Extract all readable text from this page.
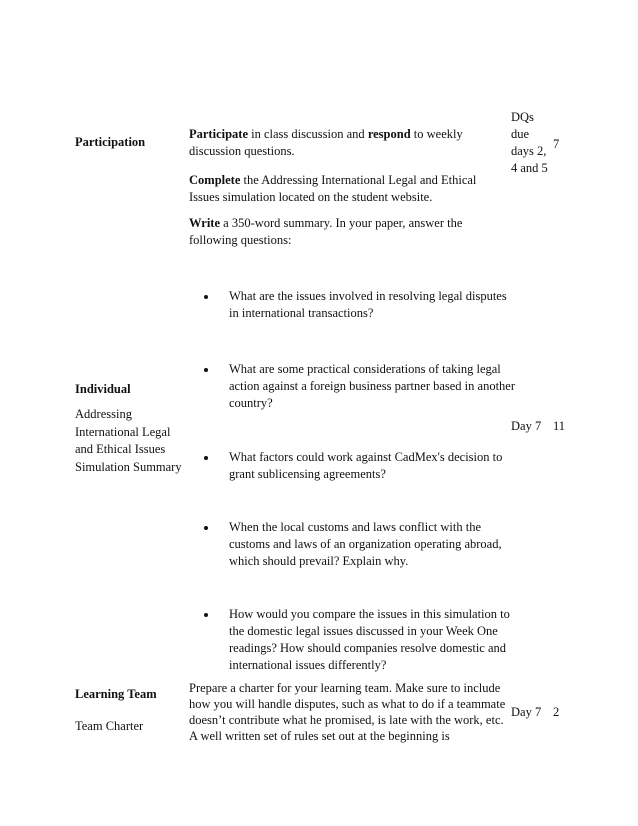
Participation
Participate in class discussion and respond to weekly discussion questions.
DQs
due
days 2,
4 and 5
7
Complete the Addressing International Legal and Ethical Issues simulation located on the student website.
Write a 350-word summary. In your paper, answer the following questions:
What are the issues involved in resolving legal disputes in international transactions?
What are some practical considerations of taking legal action against a foreign business partner based in another country?
What factors could work against CadMex's decision to grant sublicensing agreements?
When the local customs and laws conflict with the customs and laws of an organization operating abroad, which should prevail? Explain why.
How would you compare the issues in this simulation to the domestic legal issues discussed in your Week One readings? How should companies resolve domestic and international issues differently?
Individual
Addressing
International Legal
and Ethical Issues
Simulation Summary
Day 7 11
Learning Team
Team Charter
Prepare a charter for your learning team. Make sure to include how you will handle disputes, such as what to do if a teammate doesn’t contribute what he promised, is late with the work, etc. A well written set of rules set out at the beginning is
Day 7 2
